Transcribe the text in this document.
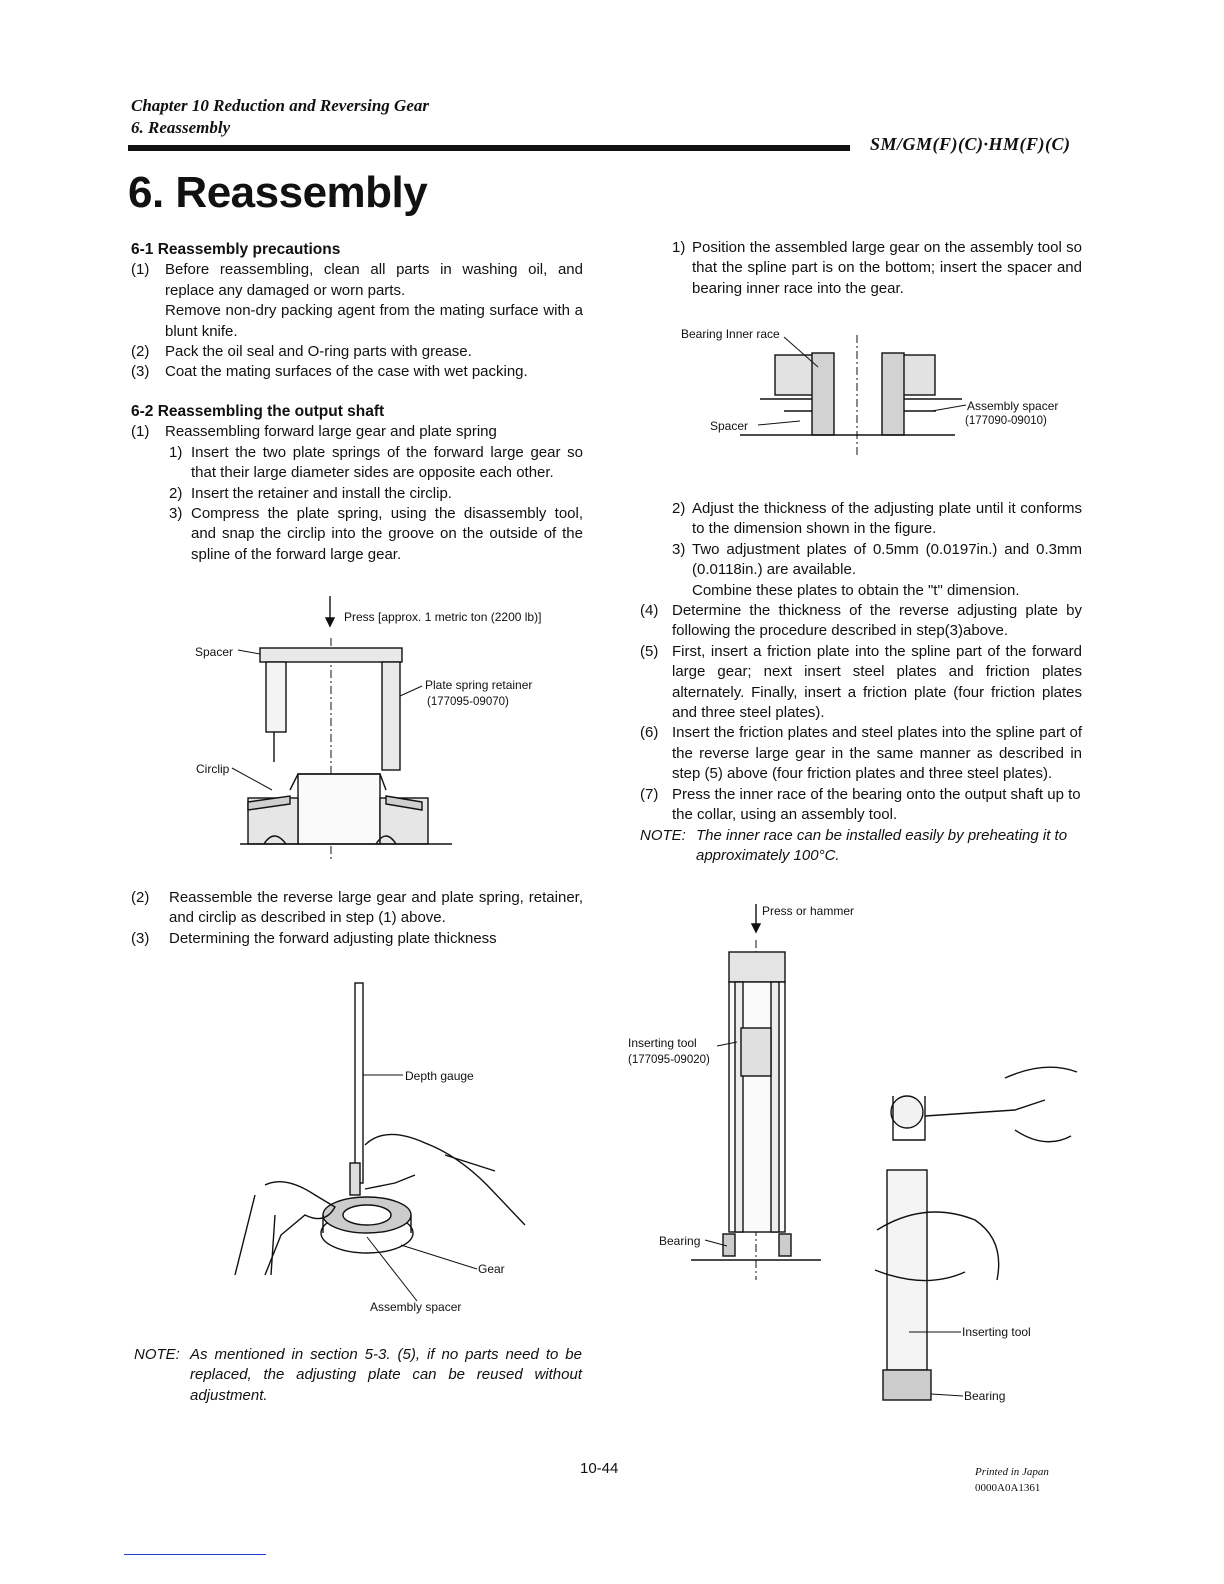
Chapter 10 Reduction and Reversing Gear
6. Reassembly
SM/GM(F)(C)·HM(F)(C)
6. Reassembly

6-1 Reassembly precautions

(1)	Before reassembling, clean all parts in washing oil, and replace any damaged or worn parts.
Remove non-dry packing agent from the mating surface with a blunt knife.
(2)	Pack the oil seal and O-ring parts with grease.
(3)	Coat the mating surfaces of the case with wet packing.

6-2 Reassembling the output shaft

(1)	Reassembling forward large gear and plate spring
1) Insert the two plate springs of the forward large gear so that their large diameter sides are opposite each other.
2) Insert the retainer and install the circlip.
3) Compress the plate spring, using the disassembly tool, and snap the circlip into the groove on the outside of the spline of the forward large gear.
Press [approx. 1 metric ton (2200 lb)]
Spacer
Plate spring retainer
(177095-09070)
Circlip
(2)	Reassemble the reverse large gear and plate spring, retainer, and circlip as described in step (1) above.
(3)	Determining the forward adjusting plate thickness
Depth gauge
Gear
Assembly spacer
NOTE: As mentioned in section 5-3. (5), if no parts need to be replaced, the adjusting plate can be reused without adjustment.
1) Position the assembled large gear on the assembly tool so that the spline part is on the bottom; insert the spacer and bearing inner race into the gear.
Bearing Inner race
Spacer
Assembly spacer
(177090-09010)
2) Adjust the thickness of the adjusting plate until it conforms to the dimension shown in the figure.
3) Two adjustment plates of 0.5mm (0.0197in.) and 0.3mm (0.0118in.) are available.
Combine these plates to obtain the "t" dimension.
(4) Determine the thickness of the reverse adjusting plate by following the procedure described in step(3)above.
(5) First, insert a friction plate into the spline part of the forward large gear; next insert steel plates and friction plates alternately. Finally, insert a friction plate (four friction plates and three steel plates).
(6) Insert the friction plates and steel plates into the spline part of the reverse large gear in the same manner as described in step (5) above (four friction plates and three steel plates).
(7) Press the inner race of the bearing onto the output shaft up to the collar, using an assembly tool.
NOTE: The inner race can be installed easily by preheating it to approximately 100°C.
Press or hammer
Inserting tool
(177095-09020)
Bearing
Inserting tool
Bearing
10-44	Printed in Japan
0000A0A1361
